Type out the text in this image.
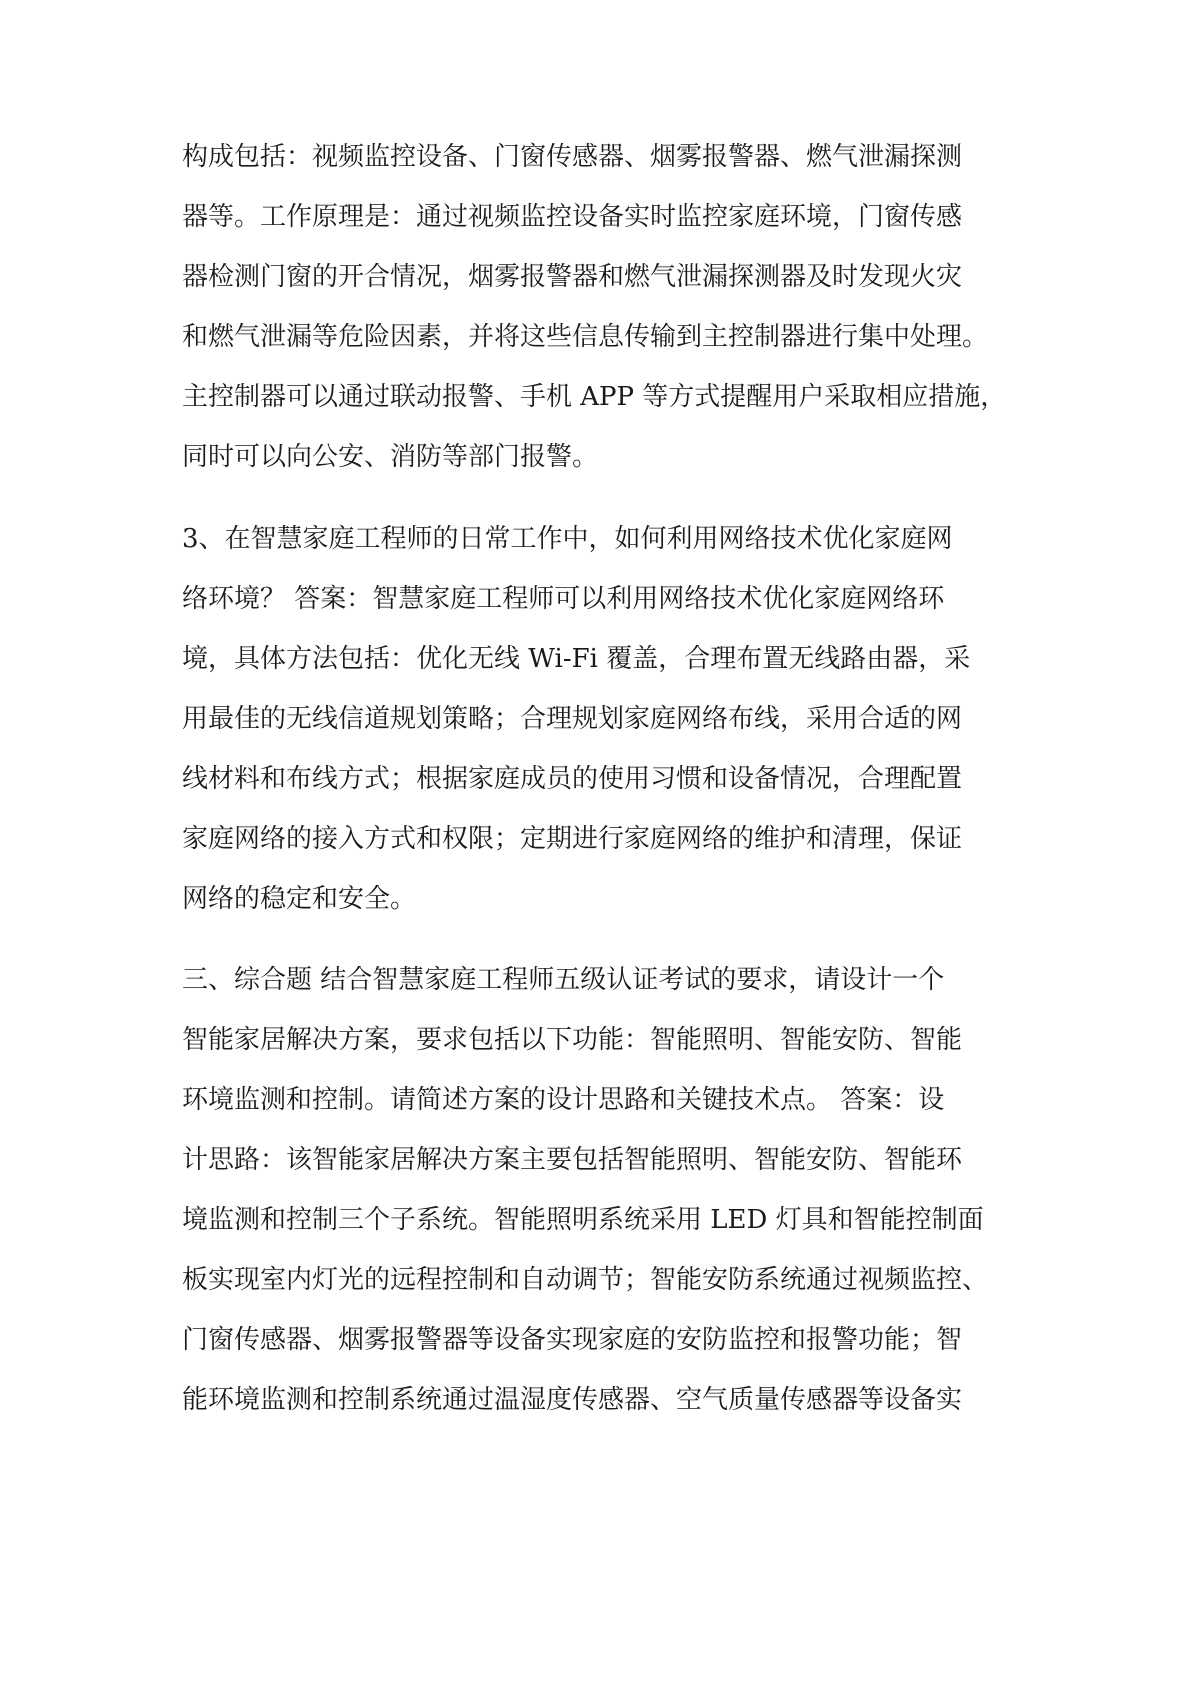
构成包括：视频监控设备、门窗传感器、烟雾报警器、燃气泄漏探测

器等。工作原理是：通过视频监控设备实时监控家庭环境，门窗传感

器检测门窗的开合情况，烟雾报警器和燃气泄漏探测器及时发现火灾

和燃气泄漏等危险因素，并将这些信息传输到主控制器进行集中处理。

主控制器可以通过联动报警、手机 APP 等方式提醒用户采取相应措施，

同时可以向公安、消防等部门报警。

3、在智慧家庭工程师的日常工作中，如何利用网络技术优化家庭网

络环境？ 答案：智慧家庭工程师可以利用网络技术优化家庭网络环

境，具体方法包括：优化无线 Wi-Fi 覆盖，合理布置无线路由器，采

用最佳的无线信道规划策略；合理规划家庭网络布线，采用合适的网

线材料和布线方式；根据家庭成员的使用习惯和设备情况，合理配置

家庭网络的接入方式和权限；定期进行家庭网络的维护和清理，保证

网络的稳定和安全。

三、综合题 结合智慧家庭工程师五级认证考试的要求，请设计一个

智能家居解决方案，要求包括以下功能：智能照明、智能安防、智能

环境监测和控制。请简述方案的设计思路和关键技术点。 答案：设

计思路：该智能家居解决方案主要包括智能照明、智能安防、智能环

境监测和控制三个子系统。智能照明系统采用 LED 灯具和智能控制面

板实现室内灯光的远程控制和自动调节；智能安防系统通过视频监控、

门窗传感器、烟雾报警器等设备实现家庭的安防监控和报警功能；智

能环境监测和控制系统通过温湿度传感器、空气质量传感器等设备实
